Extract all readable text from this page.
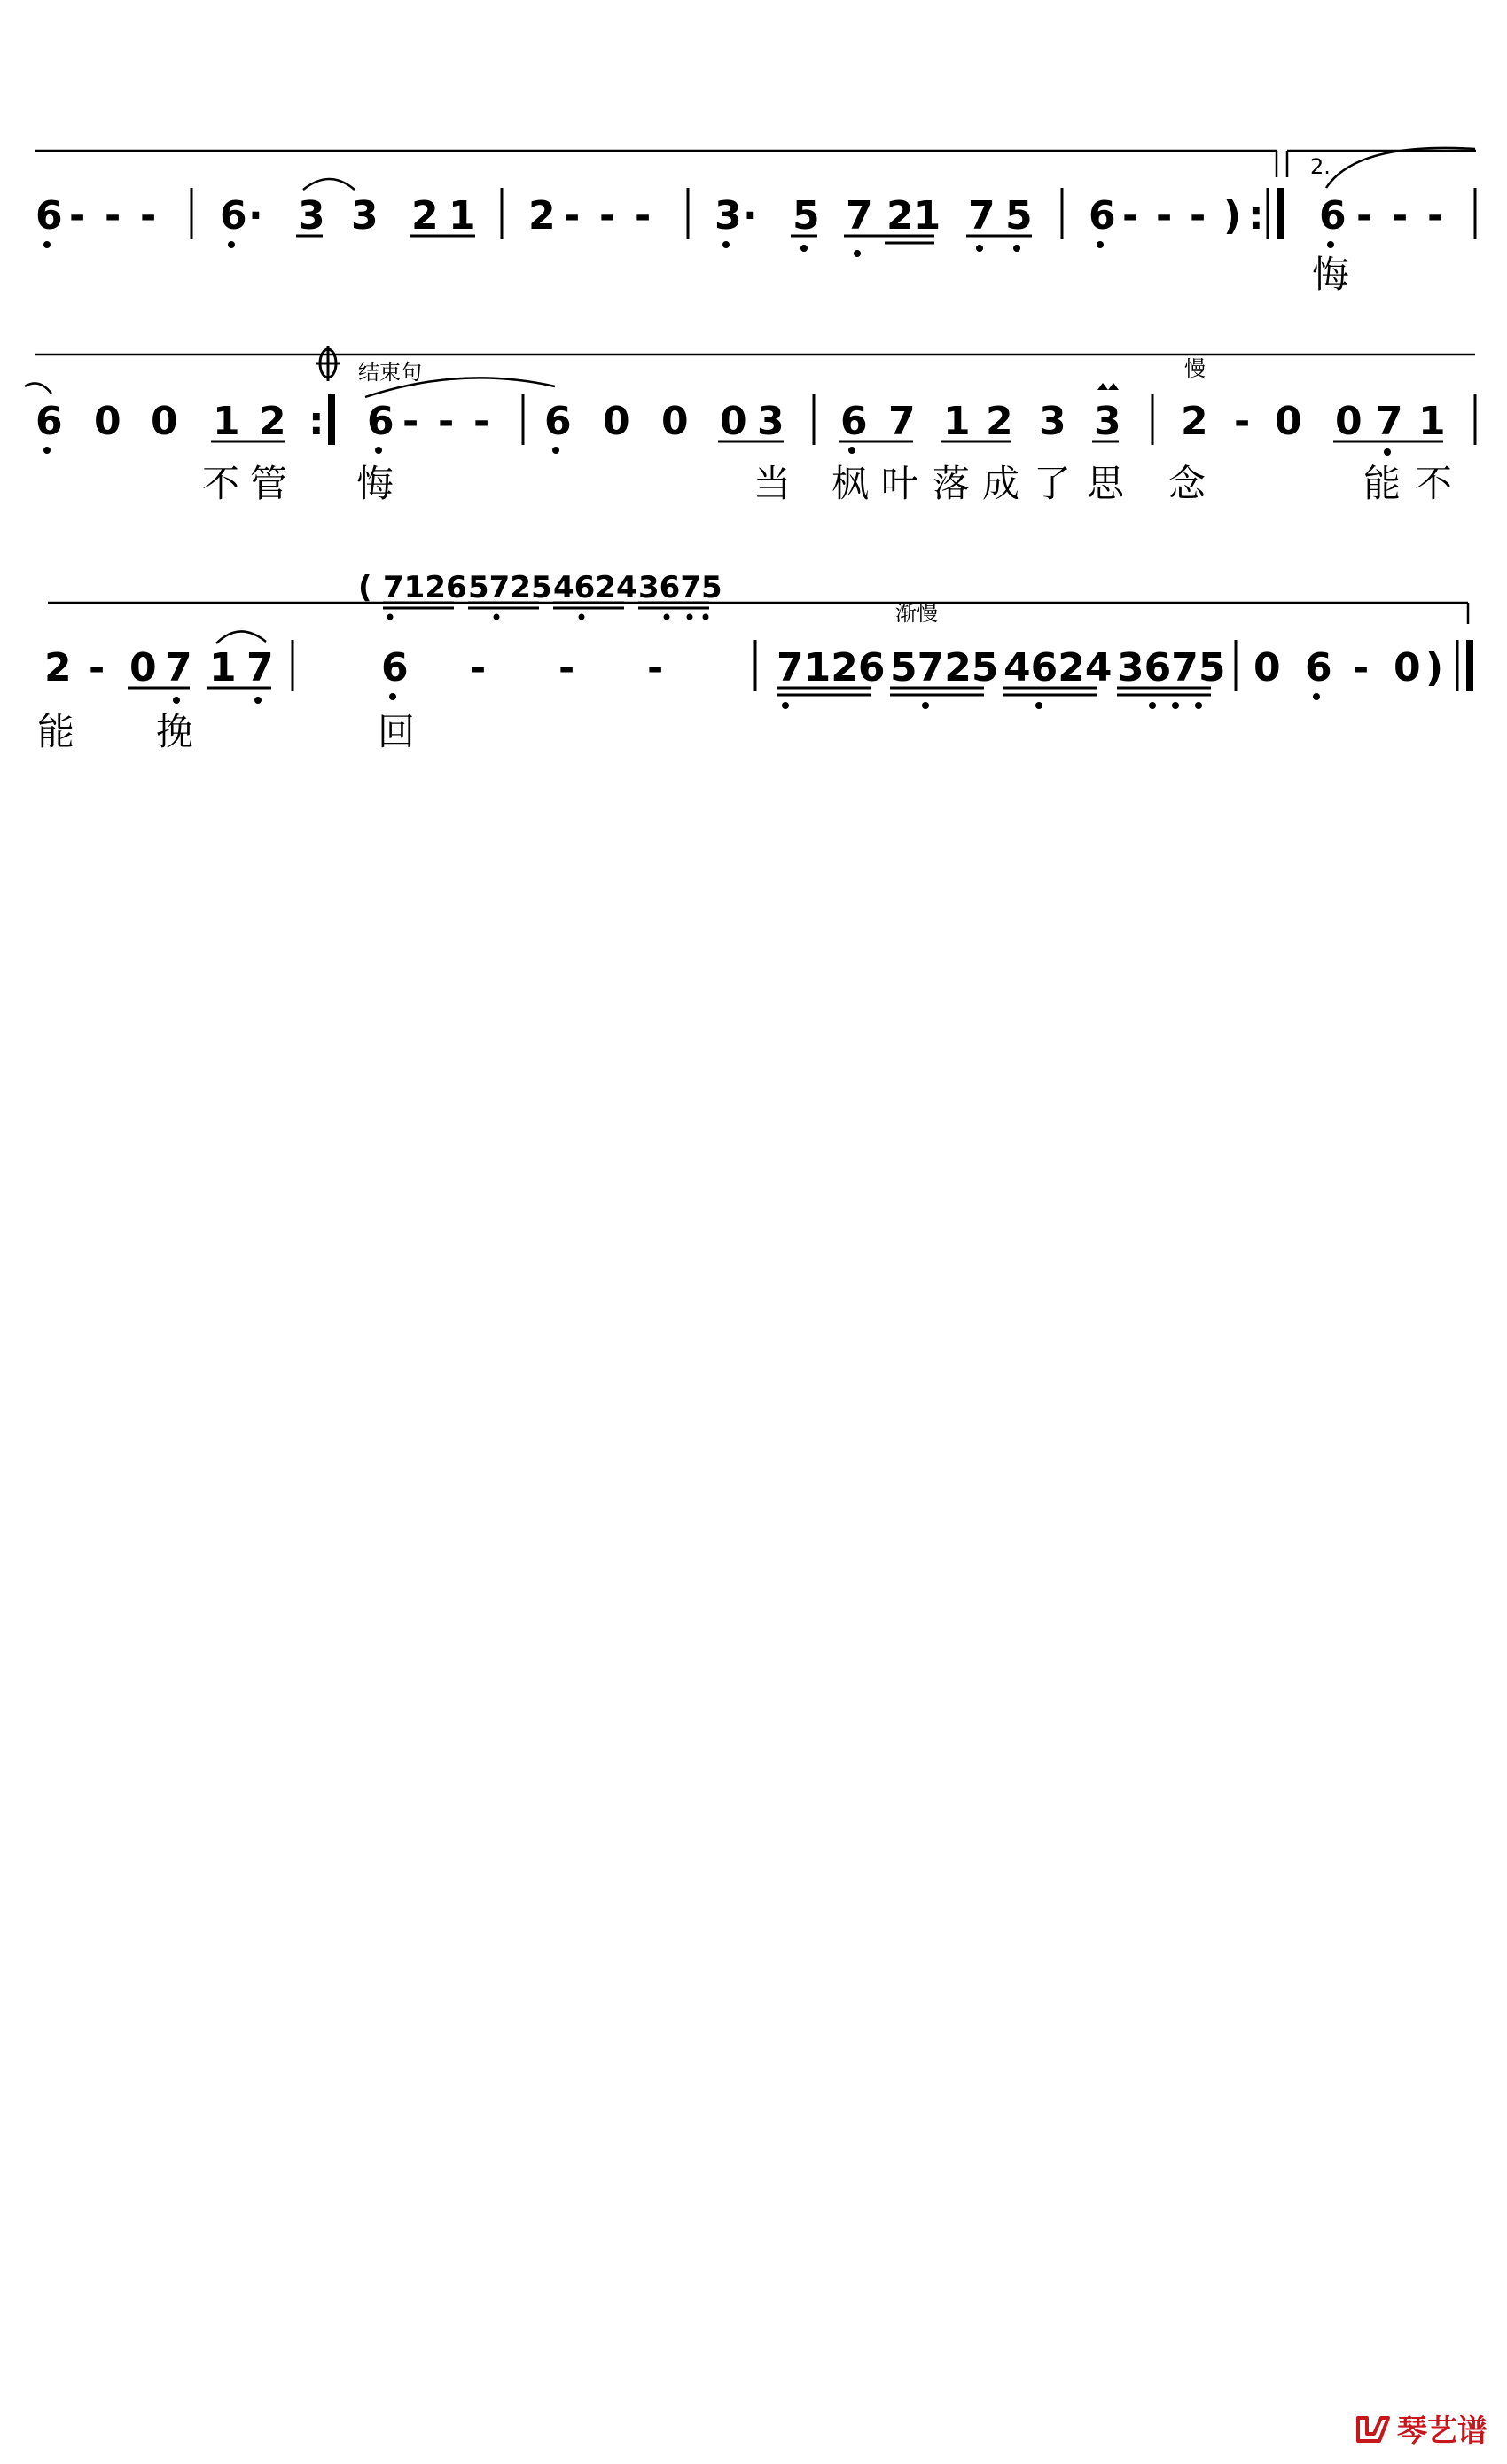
2.
6 - - - 6 · 3 3 2 1 2 - - - 3 · 5 7 21 7 5 6 - - - ) : 6 - - -
悔
6 0 0 1 2 :
结束句
6 - - - 6 0 0 0 3 6 7 1 2 3 3
慢
2 - 0 0 7 1
不 管 悔	当 枫 叶 落 成 了 思 念	能 不
( 7126 5725 4624 3675
渐慢
2 - 0 7 1 7	6 - - -	7126 5725 4624 3675 0 6 - 0 )
能 挽	回
琴艺谱
